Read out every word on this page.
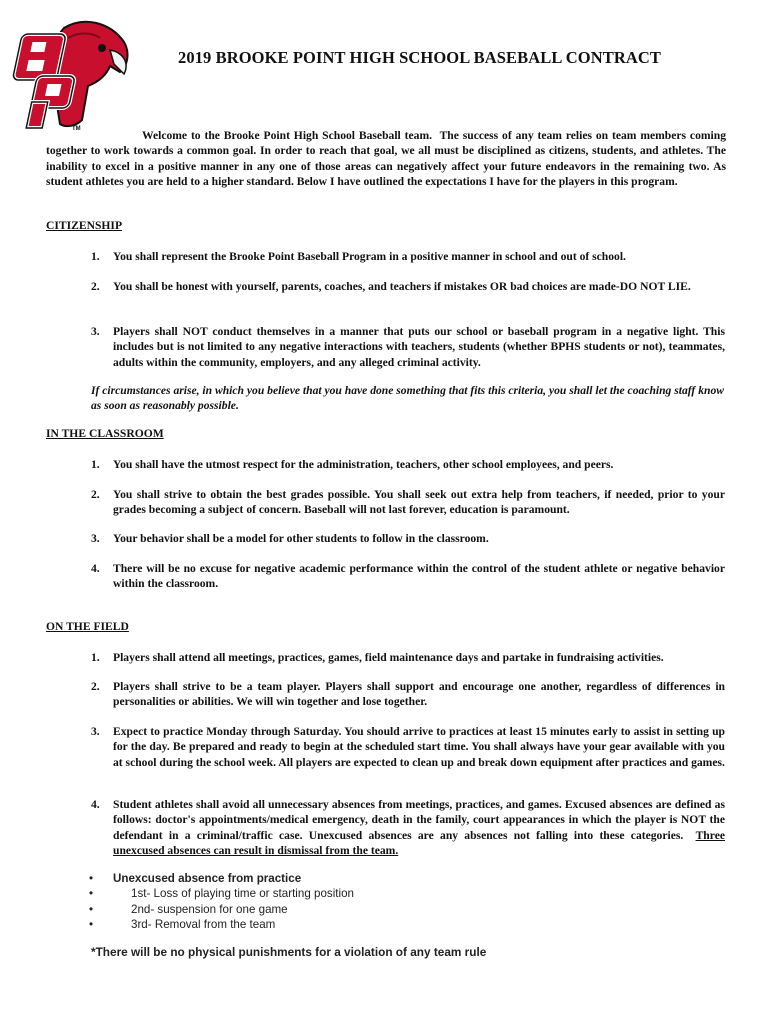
TM
2019 BROOKE POINT HIGH SCHOOL BASEBALL CONTRACT
Welcome to the Brooke Point High School Baseball team. The success of any team relies on team members coming together to work towards a common goal. In order to reach that goal, we all must be disciplined as citizens, students, and athletes. The inability to excel in a positive manner in any one of those areas can negatively affect your future endeavors in the remaining two. As student athletes you are held to a higher standard. Below I have outlined the expectations I have for the players in this program.
CITIZENSHIP
1.	You shall represent the Brooke Point Baseball Program in a positive manner in school and out of school.
2.	You shall be honest with yourself, parents, coaches, and teachers if mistakes OR bad choices are made-DO NOT LIE.
3.	Players shall NOT conduct themselves in a manner that puts our school or baseball program in a negative light. This includes but is not limited to any negative interactions with teachers, students (whether BPHS students or not), teammates, adults within the community, employers, and any alleged criminal activity.
If circumstances arise, in which you believe that you have done something that fits this criteria, you shall let the coaching staff know as soon as reasonably possible.
IN THE CLASSROOM
1.	You shall have the utmost respect for the administration, teachers, other school employees, and peers.
2.	You shall strive to obtain the best grades possible. You shall seek out extra help from teachers, if needed, prior to your grades becoming a subject of concern. Baseball will not last forever, education is paramount.
3.	Your behavior shall be a model for other students to follow in the classroom.
4.	There will be no excuse for negative academic performance within the control of the student athlete or negative behavior within the classroom.
ON THE FIELD
1.	Players shall attend all meetings, practices, games, field maintenance days and partake in fundraising activities.
2.	Players shall strive to be a team player. Players shall support and encourage one another, regardless of differences in personalities or abilities. We will win together and lose together.
3.	Expect to practice Monday through Saturday. You should arrive to practices at least 15 minutes early to assist in setting up for the day. Be prepared and ready to begin at the scheduled start time. You shall always have your gear available with you at school during the school week. All players are expected to clean up and break down equipment after practices and games.
4.	Student athletes shall avoid all unnecessary absences from meetings, practices, and games. Excused absences are defined as follows: doctor's appointments/medical emergency, death in the family, court appearances in which the player is NOT the defendant in a criminal/traffic case. Unexcused absences are any absences not falling into these categories. Three unexcused absences can result in dismissal from the team.
• Unexcused absence from practice
•	1st- Loss of playing time or starting position
•	2nd- suspension for one game
•	3rd- Removal from the team
*There will be no physical punishments for a violation of any team rule
